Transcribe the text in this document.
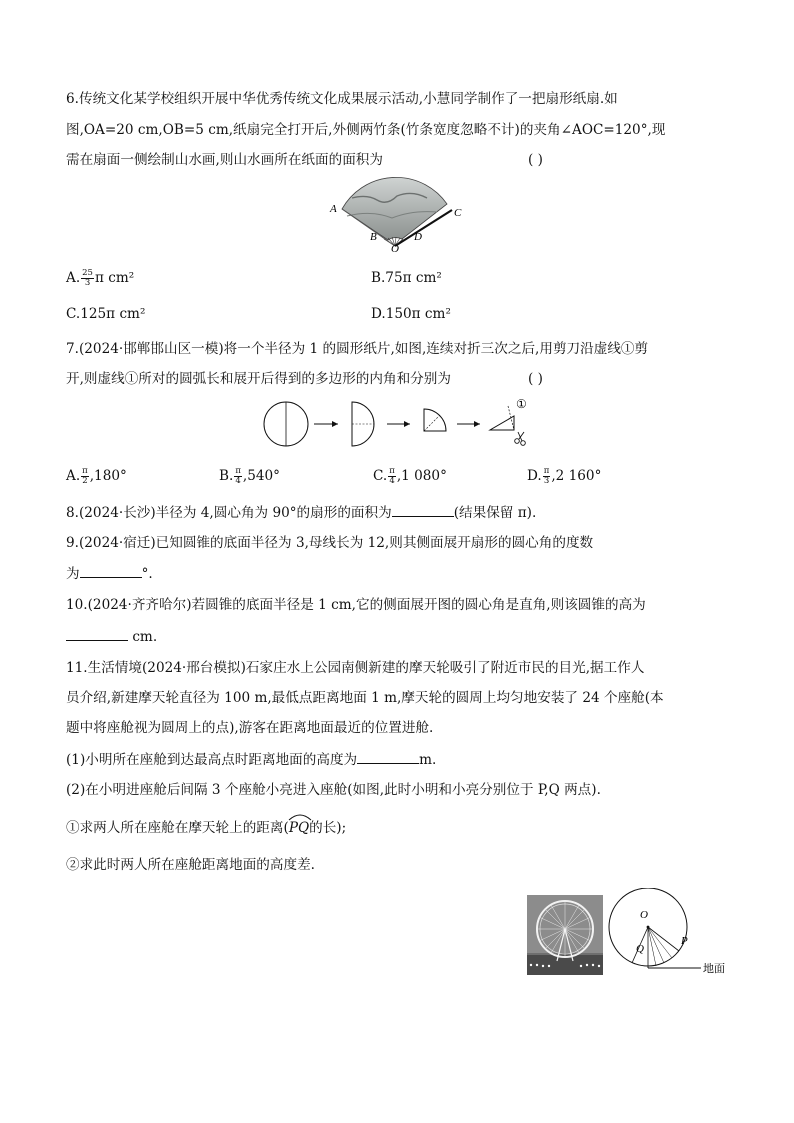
6.传统文化某学校组织开展中华优秀传统文化成果展示活动,小慧同学制作了一把扇形纸扇.如
图,OA=20 cm,OB=5 cm,纸扇完全打开后,外侧两竹条(竹条宽度忽略不计)的夹角∠AOC=120°,现
需在扇面一侧绘制山水画,则山水画所在纸面的面积为	( )
A	C
B	D
O
A. $\frac{25}{3}$ π cm²	B.75π cm²
C.125π cm²	D.150π cm²
7.(2024·邯郸邯山区一模)将一个半径为 1 的圆形纸片,如图,连续对折三次之后,用剪刀沿虚线①剪
开,则虚线①所对的圆弧长和展开后得到的多边形的内角和分别为	( )
①
A. $\frac{\pi}{2} ,180^\circ$	B. $\frac{\pi}{4} ,540^\circ$	C. $\frac{\pi}{4} ,1$ 080°	D. $\frac{\pi}{3} ,2$ 160°
8.(2024·长沙)半径为 4,圆心角为 90°的扇形的面积为	(结果保留 π).
9.(2024·宿迁)已知圆锥的底面半径为 3,母线长为 12,则其侧面展开扇形的圆心角的度数
为	°.
10.(2024·齐齐哈尔)若圆锥的底面半径是 1 cm,它的侧面展开图的圆心角是直角,则该圆锥的高为
cm.
11.生活情境(2024·邢台模拟)石家庄水上公园南侧新建的摩天轮吸引了附近市民的目光,据工作人
员介绍,新建摩天轮直径为 100 m,最低点距离地面 1 m,摩天轮的圆周上均匀地安装了 24 个座舱(本
题中将座舱视为圆周上的点),游客在距离地面最近的位置进舱.
(1)小明所在座舱到达最高点时距离地面的高度为	m.
(2)在小明进座舱后间隔 3 个座舱小亮进入座舱(如图,此时小明和小亮分别位于 P,Q 两点).
①求两人所在座舱在摩天轮上的距离(
PQ的长);
②求此时两人所在座舱距离地面的高度差.
O
Q
P
地面
